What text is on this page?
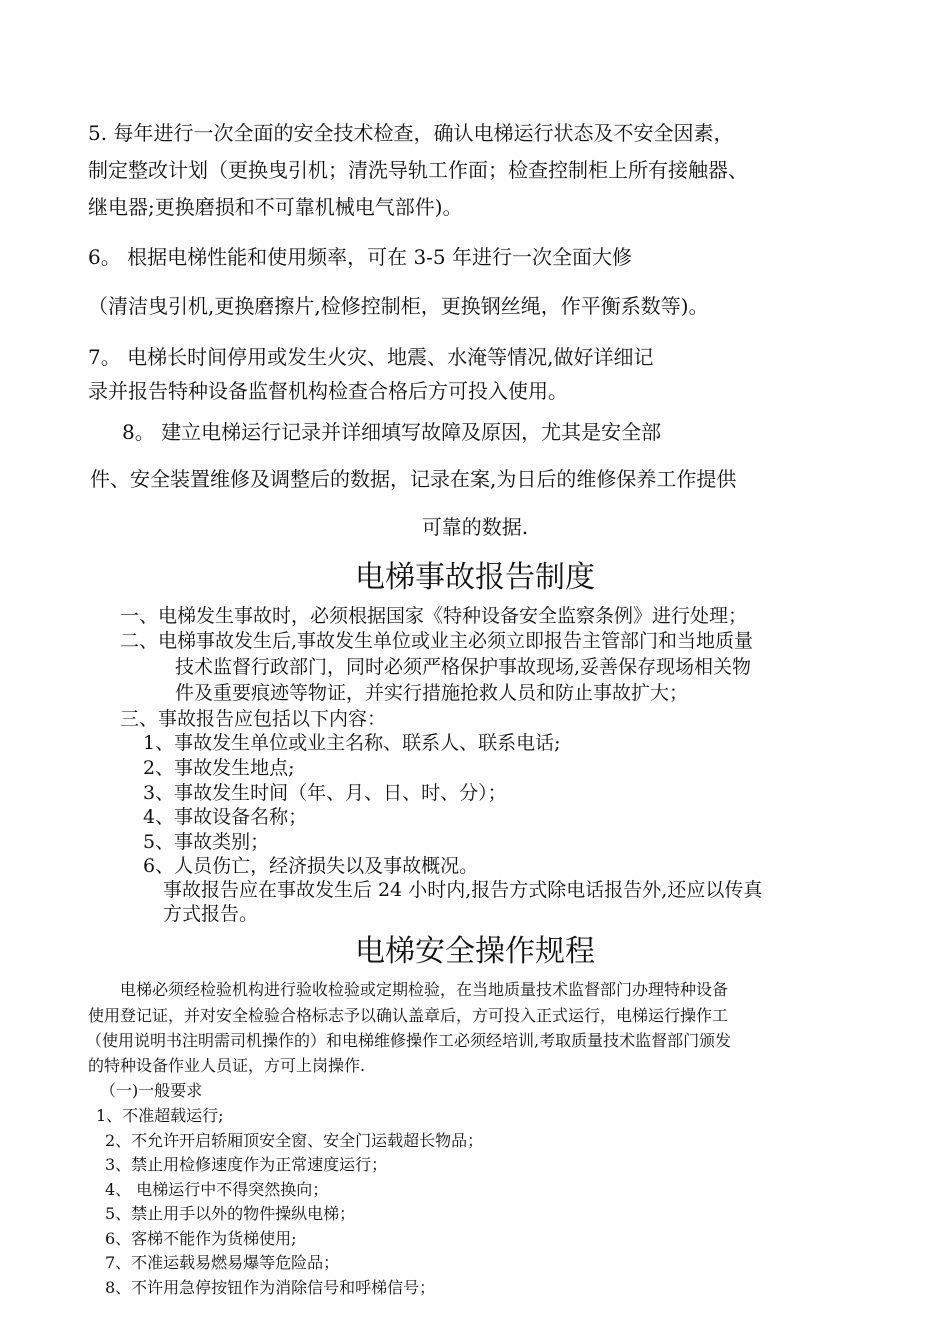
5. 每年进行一次全面的安全技术检查，确认电梯运行状态及不安全因素，

制定整改计划（更换曳引机；清洗导轨工作面；检查控制柜上所有接触器、

继电器;更换磨损和不可靠机械电气部件)。

6。 根据电梯性能和使用频率，可在 3-5 年进行一次全面大修

（清洁曳引机,更换磨擦片,检修控制柜，更换钢丝绳，作平衡系数等)。

7。 电梯长时间停用或发生火灾、地震、水淹等情况,做好详细记

录并报告特种设备监督机构检查合格后方可投入使用。

8。 建立电梯运行记录并详细填写故障及原因，尤其是安全部

件、安全装置维修及调整后的数据，记录在案,为日后的维修保养工作提供

可靠的数据.

电梯事故报告制度

一、电梯发生事故时，必须根据国家《特种设备安全监察条例》进行处理；

二、电梯事故发生后,事故发生单位或业主必须立即报告主管部门和当地质量

技术监督行政部门，同时必须严格保护事故现场,妥善保存现场相关物

件及重要痕迹等物证，并实行措施抢救人员和防止事故扩大；

三、事故报告应包括以下内容：

1、事故发生单位或业主名称、联系人、联系电话;

2、事故发生地点;

3、事故发生时间（年、月、日、时、分）；

4、事故设备名称；

5、事故类别；

6、人员伤亡，经济损失以及事故概况。

事故报告应在事故发生后 24 小时内,报告方式除电话报告外,还应以传真

方式报告。

电梯安全操作规程

电梯必须经检验机构进行验收检验或定期检验，在当地质量技术监督部门办理特种设备

使用登记证，并对安全检验合格标志予以确认盖章后，方可投入正式运行，电梯运行操作工

（使用说明书注明需司机操作的）和电梯维修操作工必须经培训,考取质量技术监督部门颁发

的特种设备作业人员证，方可上岗操作.

（一)一般要求

1、不准超载运行;

2、不允许开启轿厢顶安全窗、安全门运载超长物品；

3、禁止用检修速度作为正常速度运行；

4、 电梯运行中不得突然换向；

5、禁止用手以外的物件操纵电梯；

6、客梯不能作为货梯使用;

7、不准运载易燃易爆等危险品；

8、不许用急停按钮作为消除信号和呼梯信号；
